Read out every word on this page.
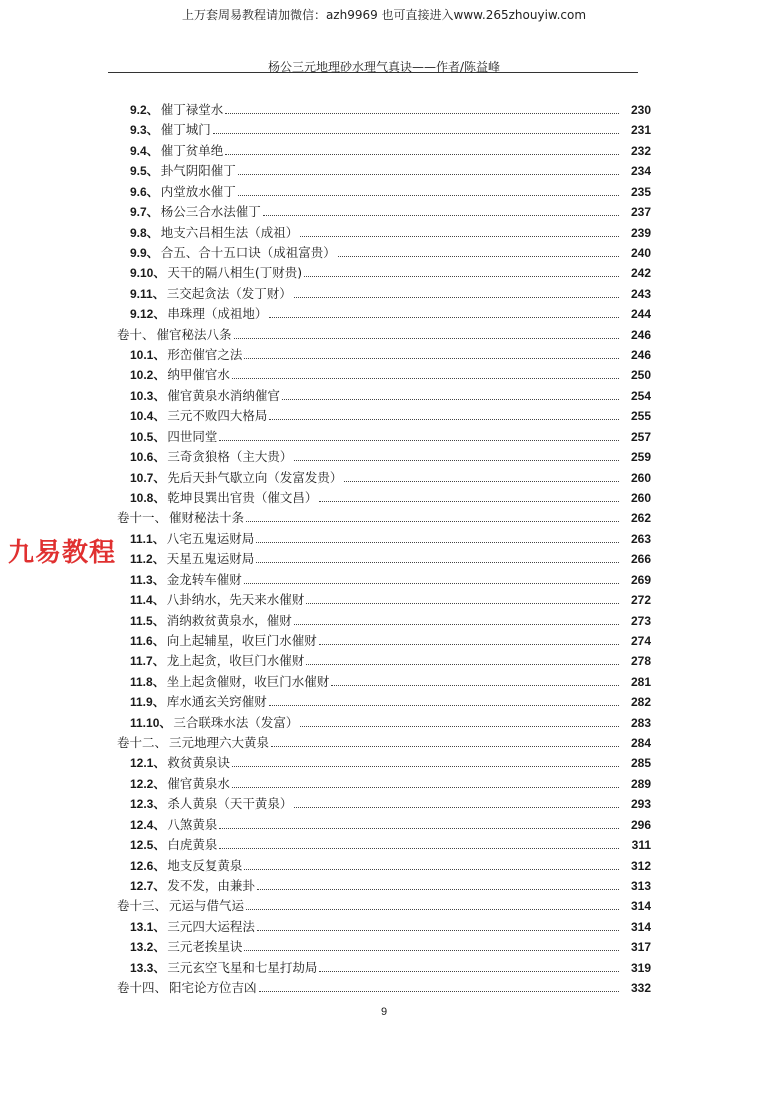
上万套周易教程请加微信：azh9969 也可直接进入www.265zhouyiw.com
杨公三元地理砂水理气真诀——作者/陈益峰
9.2、 催丁禄堂水	230
9.3、 催丁城门	231
9.4、 催丁贫单绝	232
9.5、 卦气阴阳催丁	234
9.6、 内堂放水催丁	235
9.7、 杨公三合水法催丁	237
9.8、 地支六吕相生法（成祖）	239
9.9、 合五、合十五口诀（成祖富贵）	240
9.10、 天干的隔八相生(丁财贵)	242
9.11、 三交起贪法（发丁财）	243
9.12、 串珠理（成祖地）	244
卷十、 催官秘法八条	246
10.1、 形峦催官之法	246
10.2、 纳甲催官水	250
10.3、 催官黄泉水消纳催官	254
10.4、 三元不败四大格局	255
10.5、 四世同堂	257
10.6、 三奇贪狼格（主大贵）	259
10.7、 先后天卦气歇立向（发富发贵）	260
10.8、 乾坤艮巽出官贵（催文昌）	260
卷十一、 催财秘法十条	262
11.1、 八宅五鬼运财局	263
11.2、 天星五鬼运财局	266
11.3、 金龙转车催财	269
11.4、 八卦纳水，先天来水催财	272
11.5、 消纳救贫黄泉水，催财	273
11.6、 向上起辅星，收巨门水催财	274
11.7、 龙上起贪，收巨门水催财	278
11.8、 坐上起贪催财，收巨门水催财	281
11.9、 库水通玄关窍催财	282
11.10、 三合联珠水法（发富）	283
卷十二、 三元地理六大黄泉	284
12.1、 救贫黄泉诀	285
12.2、 催官黄泉水	289
12.3、 杀人黄泉（天干黄泉）	293
12.4、 八煞黄泉	296
12.5、 白虎黄泉	311
12.6、 地支反复黄泉	312
12.7、 发不发，由兼卦	313
卷十三、 元运与借气运	314
13.1、 三元四大运程法	314
13.2、 三元老挨星诀	317
13.3、 三元玄空飞星和七星打劫局	319
卷十四、 阳宅论方位吉凶	332
九易教程
9
